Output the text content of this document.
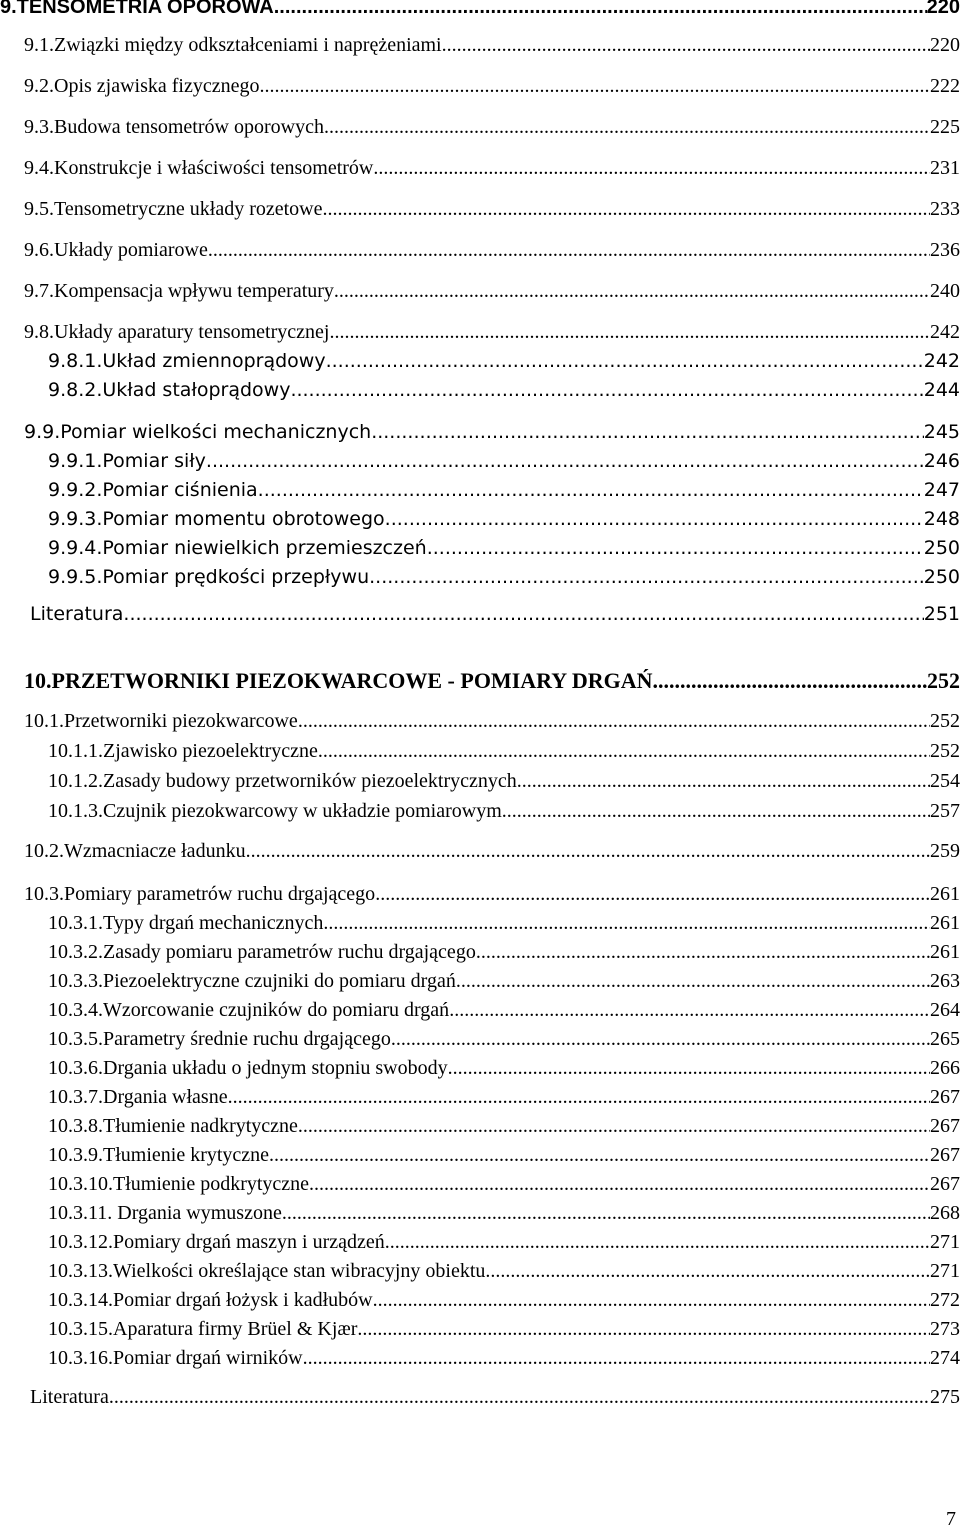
9.TENSOMETRIA OPOROWA .....	220
9.1.Związki między odkształceniami i naprężeniami .....	220
9.2.Opis zjawiska fizycznego .....	222
9.3.Budowa tensometrów oporowych .....	225
9.4.Konstrukcje i właściwości tensometrów .....	231
9.5.Tensometryczne układy rozetowe .....	233
9.6.Układy pomiarowe .....	236
9.7.Kompensacja wpływu temperatury .....	240
9.8.Układy aparatury tensometrycznej .....	242
9.8.1.Układ zmiennoprądowy .....	242
9.8.2.Układ stałoprądowy .....	244
9.9.Pomiar wielkości mechanicznych .....	245
9.9.1.Pomiar siły .....	246
9.9.2.Pomiar ciśnienia .....	247
9.9.3.Pomiar momentu obrotowego .....	248
9.9.4.Pomiar niewielkich przemieszczeń .....	250
9.9.5.Pomiar prędkości przepływu .....	250
Literatura .....	251
10.PRZETWORNIKI PIEZOKWARCOWE - POMIARY DRGAŃ .....	252
10.1.Przetworniki piezokwarcowe .....	252
10.1.1.Zjawisko piezoelektryczne .....	252
10.1.2.Zasady budowy przetworników piezoelektrycznych .....	254
10.1.3.Czujnik piezokwarcowy w układzie pomiarowym .....	257
10.2.Wzmacniacze ładunku .....	259
10.3.Pomiary parametrów ruchu drgającego .....	261
10.3.1.Typy drgań mechanicznych .....	261
10.3.2.Zasady pomiaru parametrów ruchu drgającego .....	261
10.3.3.Piezoelektryczne czujniki do pomiaru drgań .....	263
10.3.4.Wzorcowanie czujników do pomiaru drgań .....	264
10.3.5.Parametry średnie ruchu drgającego .....	265
10.3.6.Drgania układu o jednym stopniu swobody .....	266
10.3.7.Drgania własne .....	267
10.3.8.Tłumienie nadkrytyczne .....	267
10.3.9.Tłumienie krytyczne. .....	267
10.3.10.Tłumienie podkrytyczne .....	267
10.3.11. Drgania wymuszone .....	268
10.3.12.Pomiary drgań maszyn i urządzeń .....	271
10.3.13.Wielkości określające stan wibracyjny obiektu .....	271
10.3.14.Pomiar drgań łożysk i kadłubów .....	272
10.3.15.Aparatura firmy Brüel & Kjær .....	273
10.3.16.Pomiar drgań wirników .....	274
Literatura .....	275
7
